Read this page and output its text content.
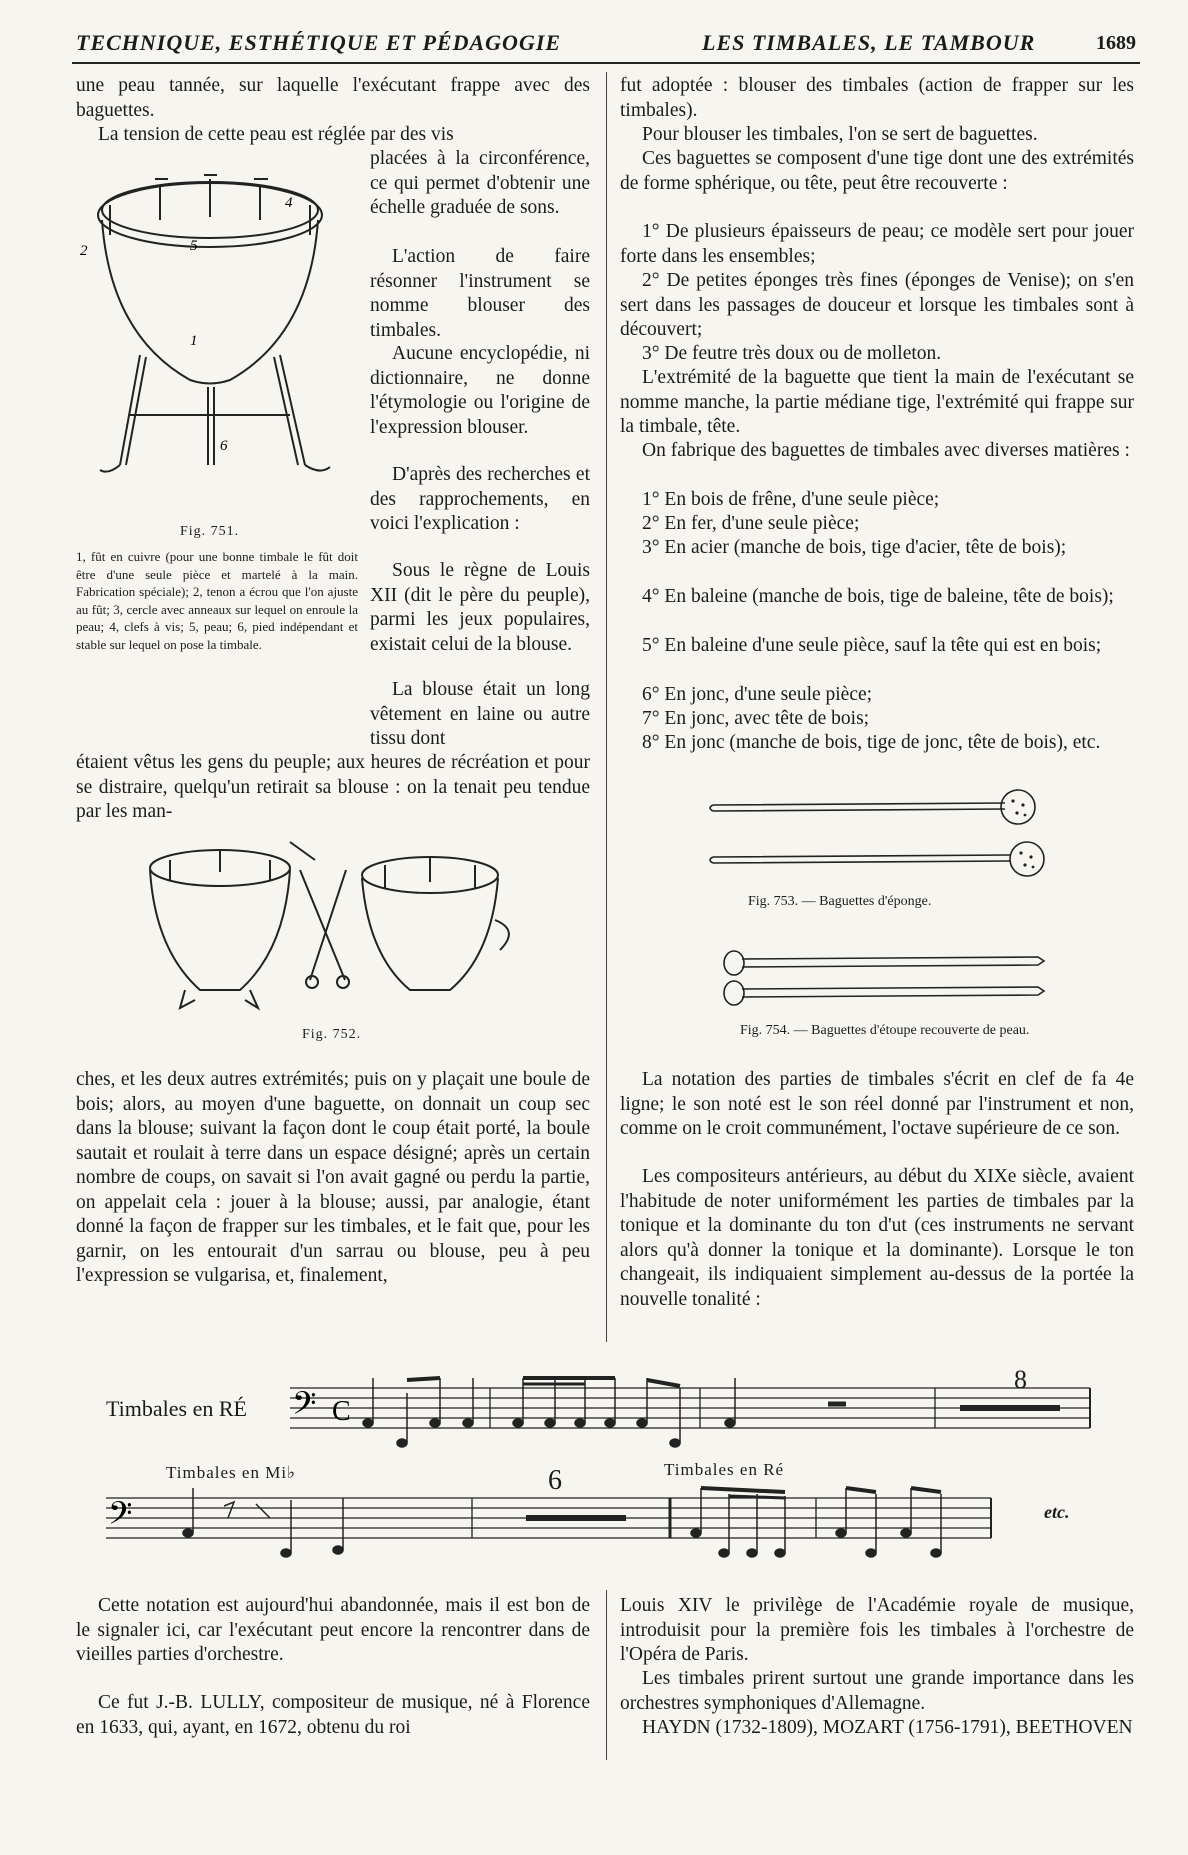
TECHNIQUE, ESTHÉTIQUE ET PÉDAGOGIE	LES TIMBALES, LE TAMBOUR	1689

une peau tannée, sur laquelle l'exécutant frappe avec des baguettes.

La tension de cette peau est réglée par des vis

placées à la circonférence, ce qui permet d'obtenir une échelle graduée de sons.

L'action de faire résonner l'instrument se nomme blouser des timbales.

Aucune encyclopédie, ni dictionnaire, ne donne l'étymologie ou l'origine de l'expression blouser.

D'après des recherches et des rapprochements, en voici l'explication :

Sous le règne de Louis XII (dit le père du peuple), parmi les jeux populaires, existait celui de la blouse.

La blouse était un long vêtement en laine ou autre tissu dont

étaient vêtus les gens du peuple; aux heures de récréation et pour se distraire, quelqu'un retirait sa blouse : on la tenait peu tendue par les man-

4
5
2
1
6
Fig. 751.
1, fût en cuivre (pour une bonne timbale le fût doit être d'une seule pièce et martelé à la main. Fabrication spéciale); 2, tenon a écrou que l'on ajuste au fût; 3, cercle avec anneaux sur lequel on enroule la peau; 4, clefs à vis; 5, peau; 6, pied indépendant et stable sur lequel on pose la timbale.
Fig. 752.

ches, et les deux autres extrémités; puis on y plaçait une boule de bois; alors, au moyen d'une baguette, on donnait un coup sec dans la blouse; suivant la façon dont le coup était porté, la boule sautait et roulait à terre dans un espace désigné; après un certain nombre de coups, on savait si l'on avait gagné ou perdu la partie, on appelait cela : jouer à la blouse; aussi, par analogie, étant donné la façon de frapper sur les timbales, et le fait que, pour les garnir, on les entourait d'un sarrau ou blouse, peu à peu l'expression se vulgarisa, et, finalement,

fut adoptée : blouser des timbales (action de frapper sur les timbales).

Pour blouser les timbales, l'on se sert de baguettes.

Ces baguettes se composent d'une tige dont une des extrémités de forme sphérique, ou tête, peut être recouverte :

1° De plusieurs épaisseurs de peau; ce modèle sert pour jouer forte dans les ensembles;

2° De petites éponges très fines (éponges de Venise); on s'en sert dans les passages de douceur et lorsque les timbales sont à découvert;

3° De feutre très doux ou de molleton.

L'extrémité de la baguette que tient la main de l'exécutant se nomme manche, la partie médiane tige, l'extrémité qui frappe sur la timbale, tête.

On fabrique des baguettes de timbales avec diverses matières :

1° En bois de frêne, d'une seule pièce;

2° En fer, d'une seule pièce;

3° En acier (manche de bois, tige d'acier, tête de bois);

4° En baleine (manche de bois, tige de baleine, tête de bois);

5° En baleine d'une seule pièce, sauf la tête qui est en bois;

6° En jonc, d'une seule pièce;

7° En jonc, avec tête de bois;

8° En jonc (manche de bois, tige de jonc, tête de bois), etc.

Fig. 753. — Baguettes d'éponge.
Fig. 754. — Baguettes d'étoupe recouverte de peau.

La notation des parties de timbales s'écrit en clef de fa 4e ligne; le son noté est le son réel donné par l'instrument et non, comme on le croit communément, l'octave supérieure de ce son.

Les compositeurs antérieurs, au début du XIXe siècle, avaient l'habitude de noter uniformément les parties de timbales par la tonique et la dominante du ton d'ut (ces instruments ne servant alors qu'à donner la tonique et la dominante). Lorsque le ton changeait, ils indiquaient simplement au-dessus de la portée la nouvelle tonalité :

Timbales en RÉ 𝄢 C
8
Timbales en Mi♭	6	Timbales en Ré
𝄢	etc.

Cette notation est aujourd'hui abandonnée, mais il est bon de le signaler ici, car l'exécutant peut encore la rencontrer dans de vieilles parties d'orchestre.

Ce fut J.-B. LULLY, compositeur de musique, né à Florence en 1633, qui, ayant, en 1672, obtenu du roi

Louis XIV le privilège de l'Académie royale de musique, introduisit pour la première fois les timbales à l'orchestre de l'Opéra de Paris.

Les timbales prirent surtout une grande importance dans les orchestres symphoniques d'Allemagne.

HAYDN (1732-1809), MOZART (1756-1791), BEETHOVEN
